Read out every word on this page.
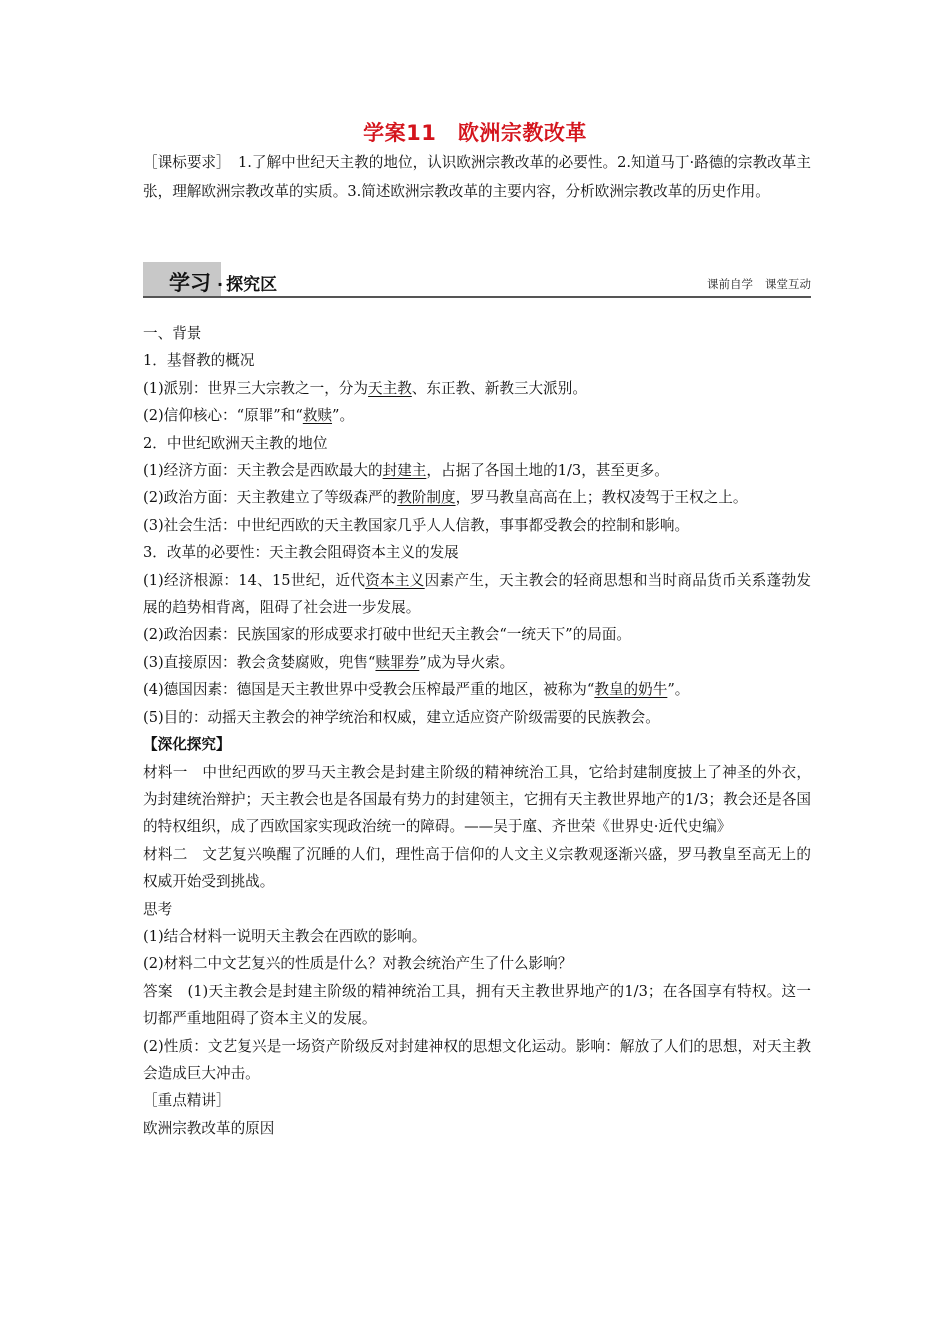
学案11　欧洲宗教改革
［课标要求］　1.了解中世纪天主教的地位，认识欧洲宗教改革的必要性。2.知道马丁·路德的宗教改革主张，理解欧洲宗教改革的实质。3.简述欧洲宗教改革的主要内容，分析欧洲宗教改革的历史作用。
学习 · 探究区	课前自学 课堂互动

一、背景

1．基督教的概况

(1)派别：世界三大宗教之一，分为天主教、东正教、新教三大派别。

(2)信仰核心：“原罪”和“救赎”。

2．中世纪欧洲天主教的地位

(1)经济方面：天主教会是西欧最大的封建主，占据了各国土地的1/3，甚至更多。

(2)政治方面：天主教建立了等级森严的教阶制度，罗马教皇高高在上；教权凌驾于王权之上。

(3)社会生活：中世纪西欧的天主教国家几乎人人信教，事事都受教会的控制和影响。

3．改革的必要性：天主教会阻碍资本主义的发展

(1)经济根源：14、15世纪，近代资本主义因素产生，天主教会的轻商思想和当时商品货币关系蓬勃发展的趋势相背离，阻碍了社会进一步发展。

(2)政治因素：民族国家的形成要求打破中世纪天主教会“一统天下”的局面。

(3)直接原因：教会贪婪腐败，兜售“赎罪券”成为导火索。

(4)德国因素：德国是天主教世界中受教会压榨最严重的地区，被称为“教皇的奶牛”。

(5)目的：动摇天主教会的神学统治和权威，建立适应资产阶级需要的民族教会。

【深化探究】

材料一　中世纪西欧的罗马天主教会是封建主阶级的精神统治工具，它给封建制度披上了神圣的外衣，为封建统治辩护；天主教会也是各国最有势力的封建领主，它拥有天主教世界地产的1/3；教会还是各国的特权组织，成了西欧国家实现政治统一的障碍。——吴于廑、齐世荣《世界史·近代史编》

材料二　文艺复兴唤醒了沉睡的人们，理性高于信仰的人文主义宗教观逐渐兴盛，罗马教皇至高无上的权威开始受到挑战。

思考

(1)结合材料一说明天主教会在西欧的影响。

(2)材料二中文艺复兴的性质是什么？对教会统治产生了什么影响？

答案　(1)天主教会是封建主阶级的精神统治工具，拥有天主教世界地产的1/3；在各国享有特权。这一切都严重地阻碍了资本主义的发展。

(2)性质：文艺复兴是一场资产阶级反对封建神权的思想文化运动。影响：解放了人们的思想，对天主教会造成巨大冲击。

［重点精讲］

欧洲宗教改革的原因
